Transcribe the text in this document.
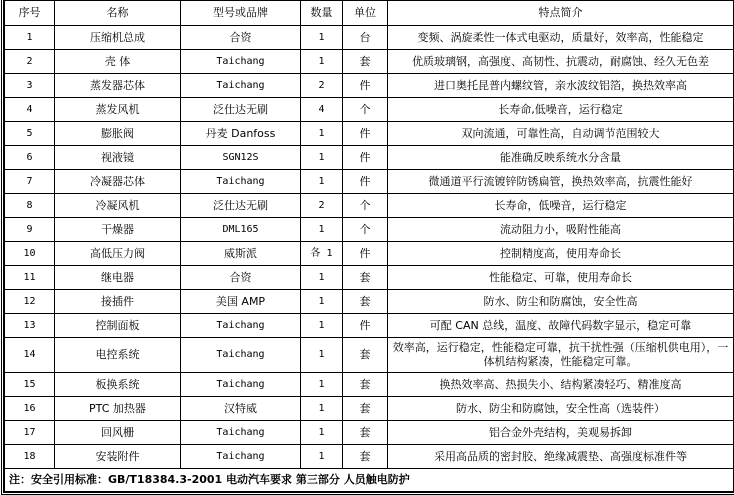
序号	名称	型号或品牌	数量	单位	特点简介
1	压缩机总成	合资	1	台	变频、涡旋柔性一体式电驱动，质量好，效率高，性能稳定
2	壳 体	Taichang	1	套	优质玻璃钢，高强度、高韧性、抗震动，耐腐蚀、经久无色差
3	蒸发器芯体	Taichang	2	件	进口奥托昆普内螺纹管，亲水波纹铝箔，换热效率高
4	蒸发风机	泛仕达无刷	4	个	长寿命,低噪音，运行稳定
5	膨胀阀	丹麦 Danfoss	1	件	双向流通，可靠性高，自动调节范围较大
6	视液镜	SGN12S	1	件	能准确反映系统水分含量
7	冷凝器芯体	Taichang	1	件	微通道平行流镀锌防锈扁管，换热效率高，抗震性能好
8	冷凝风机	泛仕达无刷	2	个	长寿命，低噪音，运行稳定
9	干燥器	DML165	1	个	流动阻力小，吸附性能高
10	高低压力阀	威斯派	各 1	件	控制精度高，使用寿命长
11	继电器	合资	1	套	性能稳定、可靠，使用寿命长
12	接插件	美国 AMP	1	套	防水、防尘和防腐蚀，安全性高
13	控制面板	Taichang	1	件	可配 CAN 总线，温度、故障代码数字显示，稳定可靠
14	电控系统	Taichang	1	套	效率高，运行稳定，性能稳定可靠，抗干扰性强（压缩机供电用），一体机结构紧凑，性能稳定可靠。
15	板换系统	Taichang	1	套	换热效率高、热损失小、结构紧凑轻巧、精准度高
16	PTC 加热器	汉特威	1	套	防水、防尘和防腐蚀，安全性高（选装件）
17	回风栅	Taichang	1	套	铝合金外壳结构，美观易拆卸
18	安装附件	Taichang	1	套	采用高品质的密封胶、绝缘减震垫、高强度标准件等
注：安全引用标准：GB/T18384.3-2001 电动汽车要求 第三部分 人员触电防护					
